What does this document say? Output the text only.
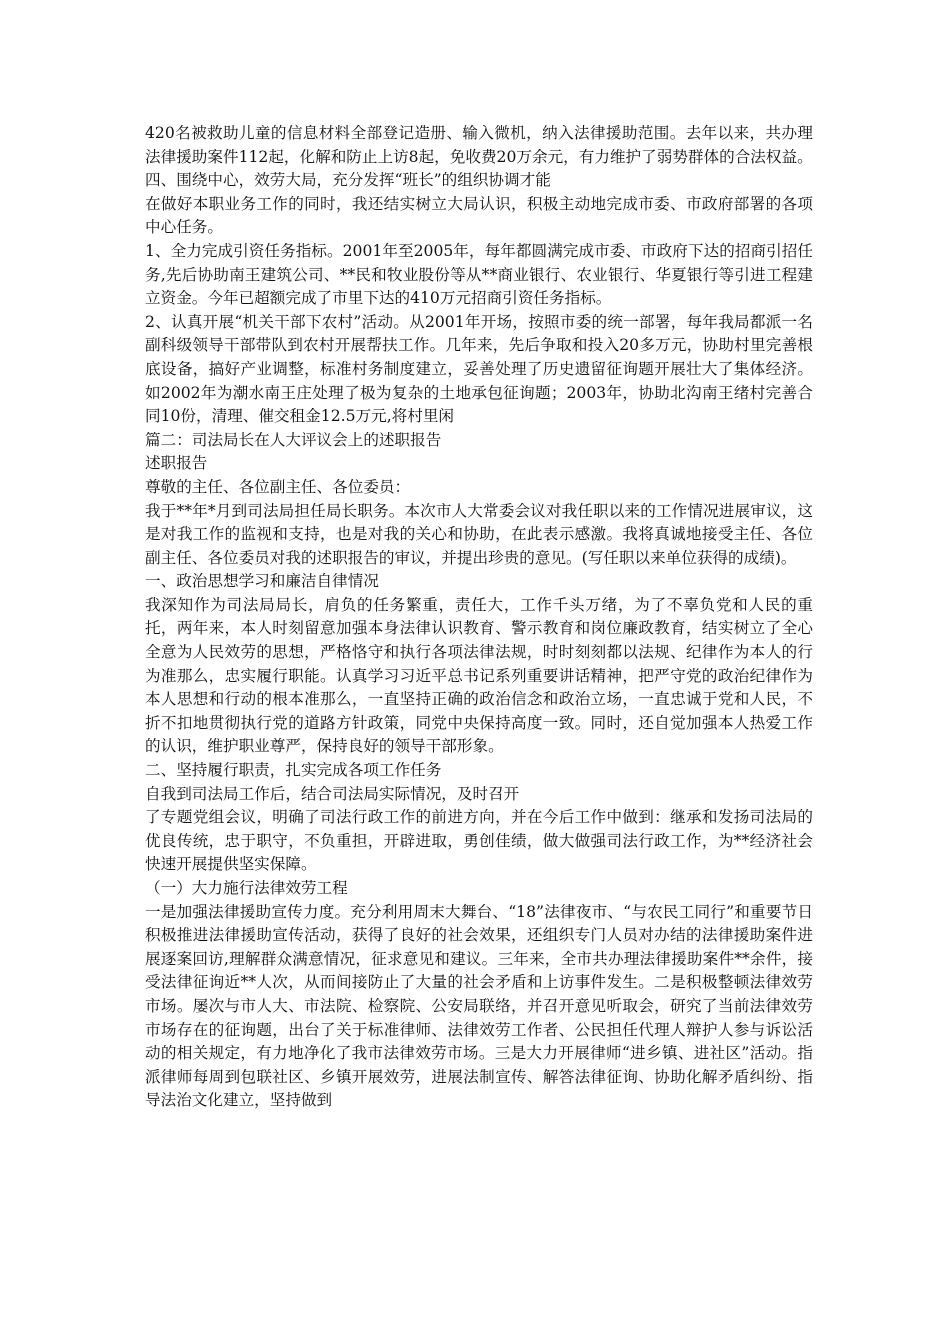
420名被救助儿童的信息材料全部登记造册、输入微机，纳入法律援助范围。去年以来，共办理法律援助案件112起，化解和防止上访8起，免收费20万余元，有力维护了弱势群体的合法权益。

四、围绕中心，效劳大局，充分发挥“班长”的组织协调才能

在做好本职业务工作的同时，我还结实树立大局认识，积极主动地完成市委、市政府部署的各项中心任务。

1、全力完成引资任务指标。2001年至2005年，每年都圆满完成市委、市政府下达的招商引招任务,先后协助南王建筑公司、**民和牧业股份等从**商业银行、农业银行、华夏银行等引进工程建立资金。今年已超额完成了市里下达的410万元招商引资任务指标。

2、认真开展“机关干部下农村”活动。从2001年开场，按照市委的统一部署，每年我局都派一名副科级领导干部带队到农村开展帮扶工作。几年来，先后争取和投入20多万元，协助村里完善根底设备，搞好产业调整，标准村务制度建立，妥善处理了历史遗留征询题开展壮大了集体经济。如2002年为潮水南王庄处理了极为复杂的土地承包征询题；2003年，协助北沟南王绪村完善合同10份，清理、催交租金12.5万元,将村里闲

篇二：司法局长在人大评议会上的述职报告

述职报告

尊敬的主任、各位副主任、各位委员：

我于**年*月到司法局担任局长职务。本次市人大常委会议对我任职以来的工作情况进展审议，这是对我工作的监视和支持，也是对我的关心和协助，在此表示感激。我将真诚地接受主任、各位副主任、各位委员对我的述职报告的审议，并提出珍贵的意见。(写任职以来单位获得的成绩)。

一、政治思想学习和廉洁自律情况

我深知作为司法局局长，肩负的任务繁重，责任大，工作千头万绪，为了不辜负党和人民的重托，两年来，本人时刻留意加强本身法律认识教育、警示教育和岗位廉政教育，结实树立了全心全意为人民效劳的思想，严格恪守和执行各项法律法规，时时刻刻都以法规、纪律作为本人的行为准那么，忠实履行职能。认真学习习近平总书记系列重要讲话精神，把严守党的政治纪律作为本人思想和行动的根本准那么，一直坚持正确的政治信念和政治立场，一直忠诚于党和人民，不折不扣地贯彻执行党的道路方针政策，同党中央保持高度一致。同时，还自觉加强本人热爱工作的认识，维护职业尊严，保持良好的领导干部形象。

二、坚持履行职责，扎实完成各项工作任务

自我到司法局工作后，结合司法局实际情况，及时召开

了专题党组会议，明确了司法行政工作的前进方向，并在今后工作中做到：继承和发扬司法局的优良传统，忠于职守，不负重担，开辟进取，勇创佳绩，做大做强司法行政工作，为**经济社会快速开展提供坚实保障。

（一）大力施行法律效劳工程

一是加强法律援助宣传力度。充分利用周末大舞台、“18”法律夜市、“与农民工同行”和重要节日积极推进法律援助宣传活动，获得了良好的社会效果，还组织专门人员对办结的法律援助案件进展逐案回访,理解群众满意情况，征求意见和建议。三年来，全市共办理法律援助案件**余件，接受法律征询近**人次，从而间接防止了大量的社会矛盾和上访事件发生。二是积极整顿法律效劳市场。屡次与市人大、市法院、检察院、公安局联络，并召开意见听取会，研究了当前法律效劳市场存在的征询题，出台了关于标准律师、法律效劳工作者、公民担任代理人辩护人参与诉讼活动的相关规定，有力地净化了我市法律效劳市场。三是大力开展律师“进乡镇、进社区”活动。指派律师每周到包联社区、乡镇开展效劳，进展法制宣传、解答法律征询、协助化解矛盾纠纷、指导法治文化建立，坚持做到
